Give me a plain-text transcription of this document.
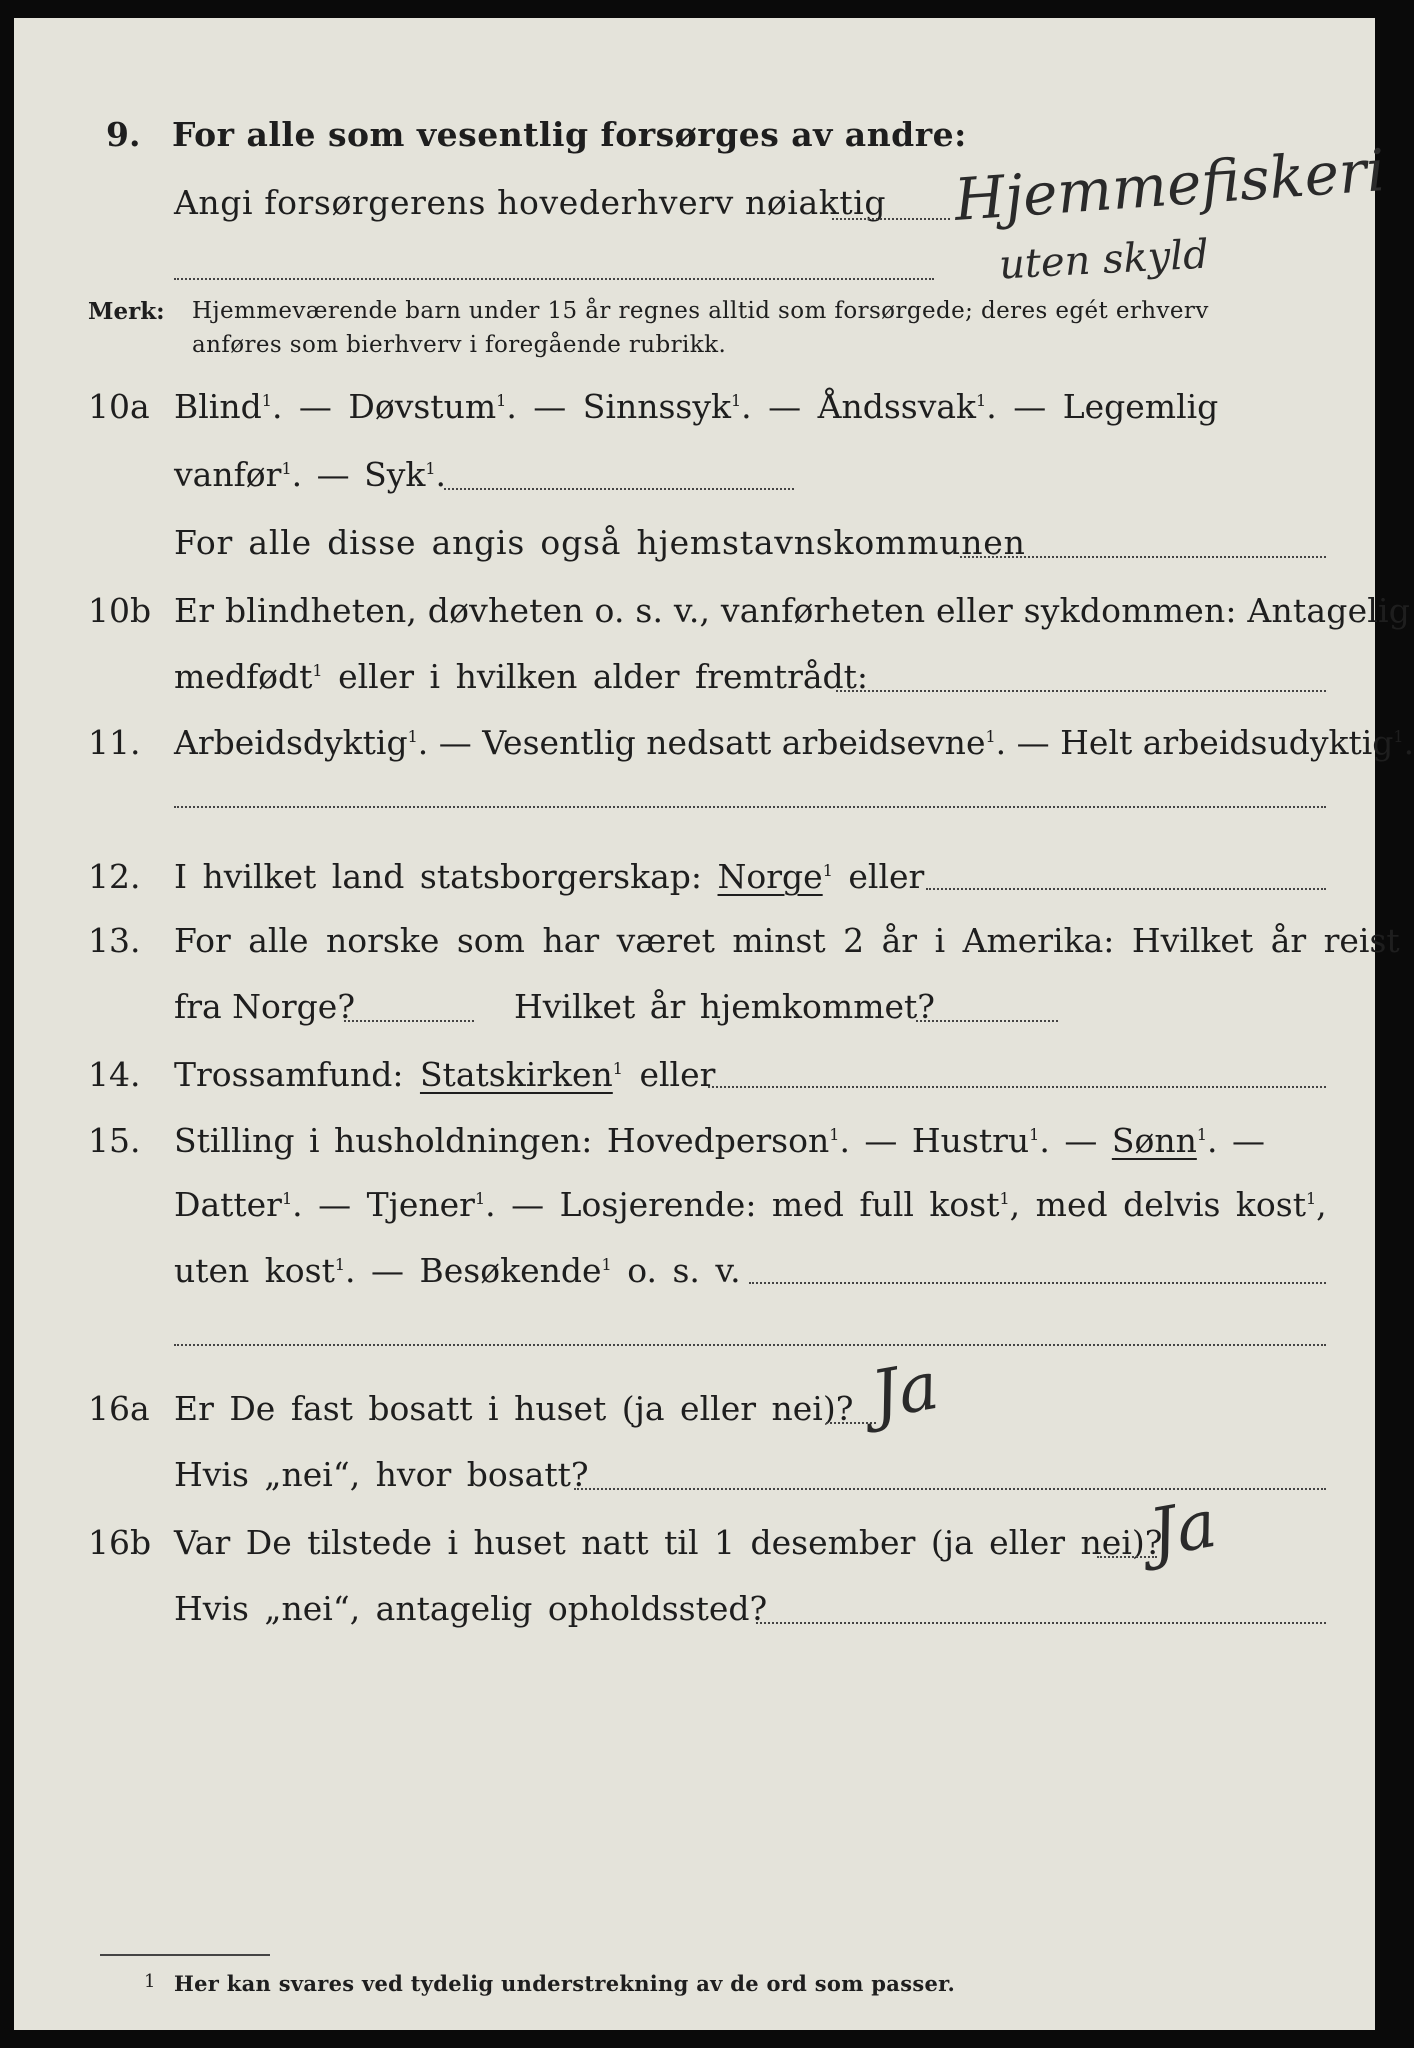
9. For alle som vesentlig forsørges av andre:
Angi forsørgerens hovederhverv nøiaktig Hjemmefiskeri
uten skyld
Merk: Hjemmeværende barn under 15 år regnes alltid som forsørgede; deres egét erhverv
anføres som bierhverv i foregående rubrikk.
10a Blind$^1$. — Døvstum$^1$. — Sinnssyk$^1$. — Åndssvak$^1$. — Legemlig
vanfør$^1$. — Syk$^1$.
For alle disse angis også hjemstavnskommunen
10b Er blindheten, døvheten o. s. v., vanførheten eller sykdommen: Antagelig
medfødt$^1$ eller i hvilken alder fremtrådt:
11. Arbeidsdyktig$^1$. — Vesentlig nedsatt arbeidsevne$^1$. — Helt arbeidsudyktig$^1$.
12. I hvilket land statsborgerskap: Norge$^1$ eller
13. For alle norske som har været minst 2 år i Amerika: Hvilket år reist
fra Norge?	Hvilket år hjemkommet?
14. Trossamfund: Statskirken$^1$ eller
15. Stilling i husholdningen: Hovedperson$^1$. — Hustru$^1$. — Sønn$^1$. —
Datter$^1$. — Tjener$^1$. — Losjerende: med full kost$^1$, med delvis kost$^1$,
uten kost$^1$. — Besøkende$^1$ o. s. v.
16a Er De fast bosatt i huset (ja eller nei)? Ja
Hvis „nei“, hvor bosatt?
16b Var De tilstede i huset natt til 1 desember (ja eller nei)?
Ja
Hvis „nei“, antagelig opholdssted?
1 Her kan svares ved tydelig understrekning av de ord som passer.
